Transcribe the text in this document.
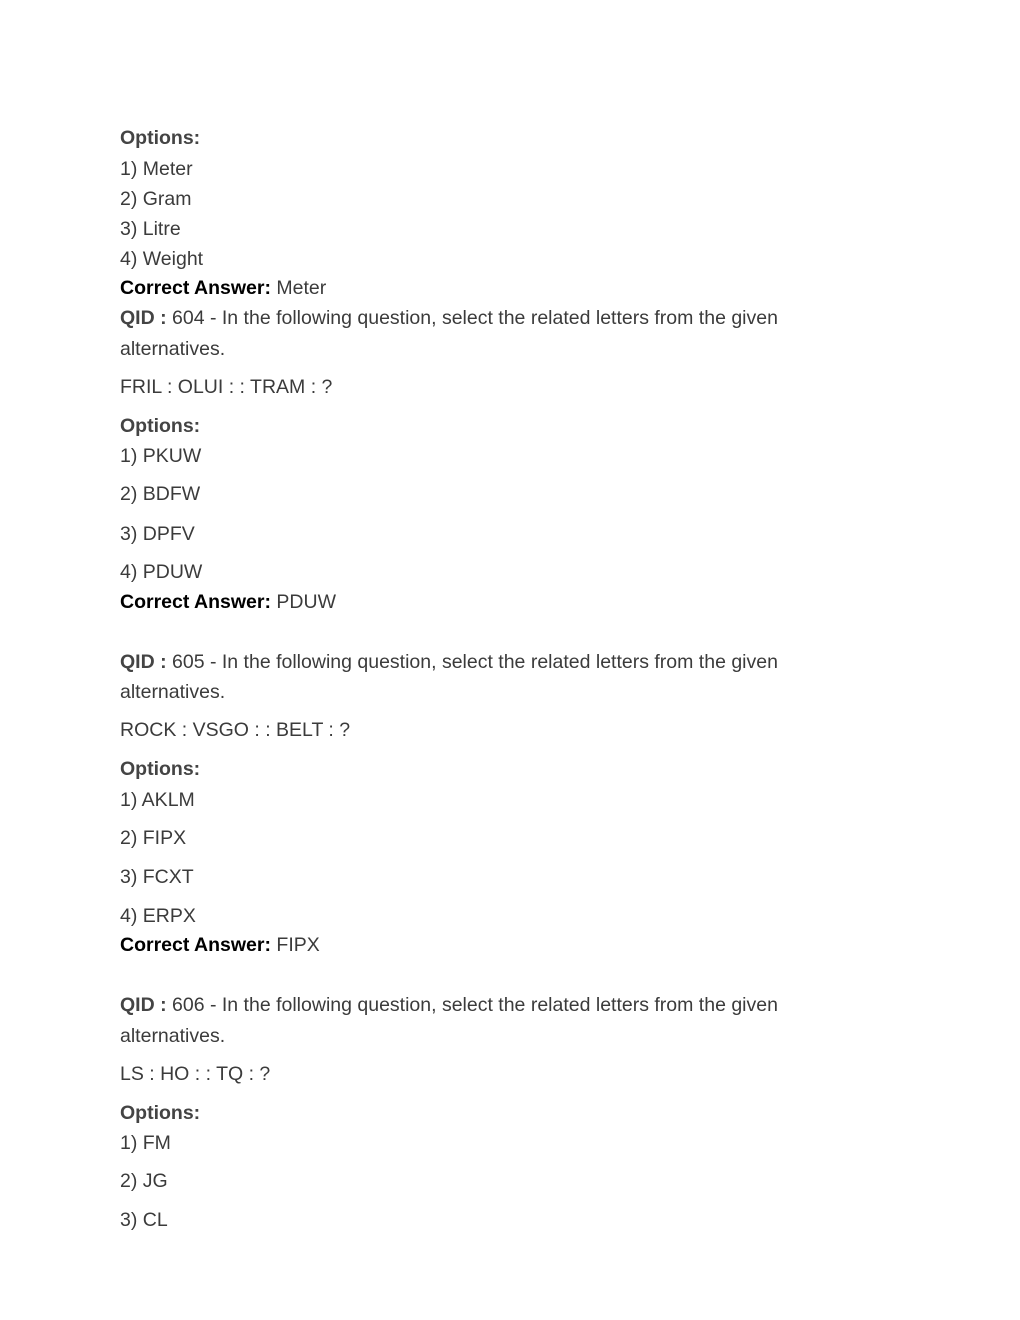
Options:
1) Meter
2) Gram
3) Litre
4) Weight
Correct Answer: Meter
QID : 604 - In the following question, select the related letters from the given
alternatives.
FRIL : OLUI : : TRAM : ?
Options:
1) PKUW
2) BDFW
3) DPFV
4) PDUW
Correct Answer: PDUW
QID : 605 - In the following question, select the related letters from the given
alternatives.
ROCK : VSGO : : BELT : ?
Options:
1) AKLM
2) FIPX
3) FCXT
4) ERPX
Correct Answer: FIPX
QID : 606 - In the following question, select the related letters from the given
alternatives.
LS : HO : : TQ : ?
Options:
1) FM
2) JG
3) CL
